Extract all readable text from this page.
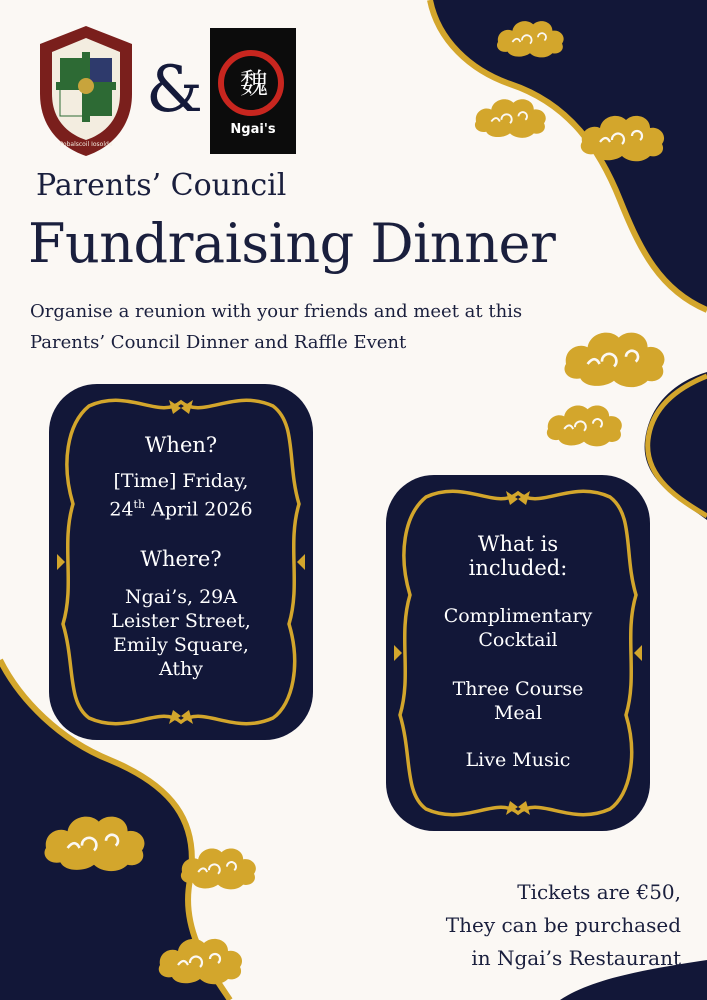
Pobalscoil Iosolde
&	魏
Ngai's
Parents’ Council
Fundraising Dinner
Organise a reunion with your friends and meet at this
Parents’ Council Dinner and Raffle Event
When?
[Time] Friday,
24th April 2026
Where?
Ngai’s, 29A
Leister Street,
Emily Square,
Athy
What is
included:
Complimentary
Cocktail
Three Course
Meal
Live Music
Tickets are €50,
They can be purchased
in Ngai’s Restaurant
